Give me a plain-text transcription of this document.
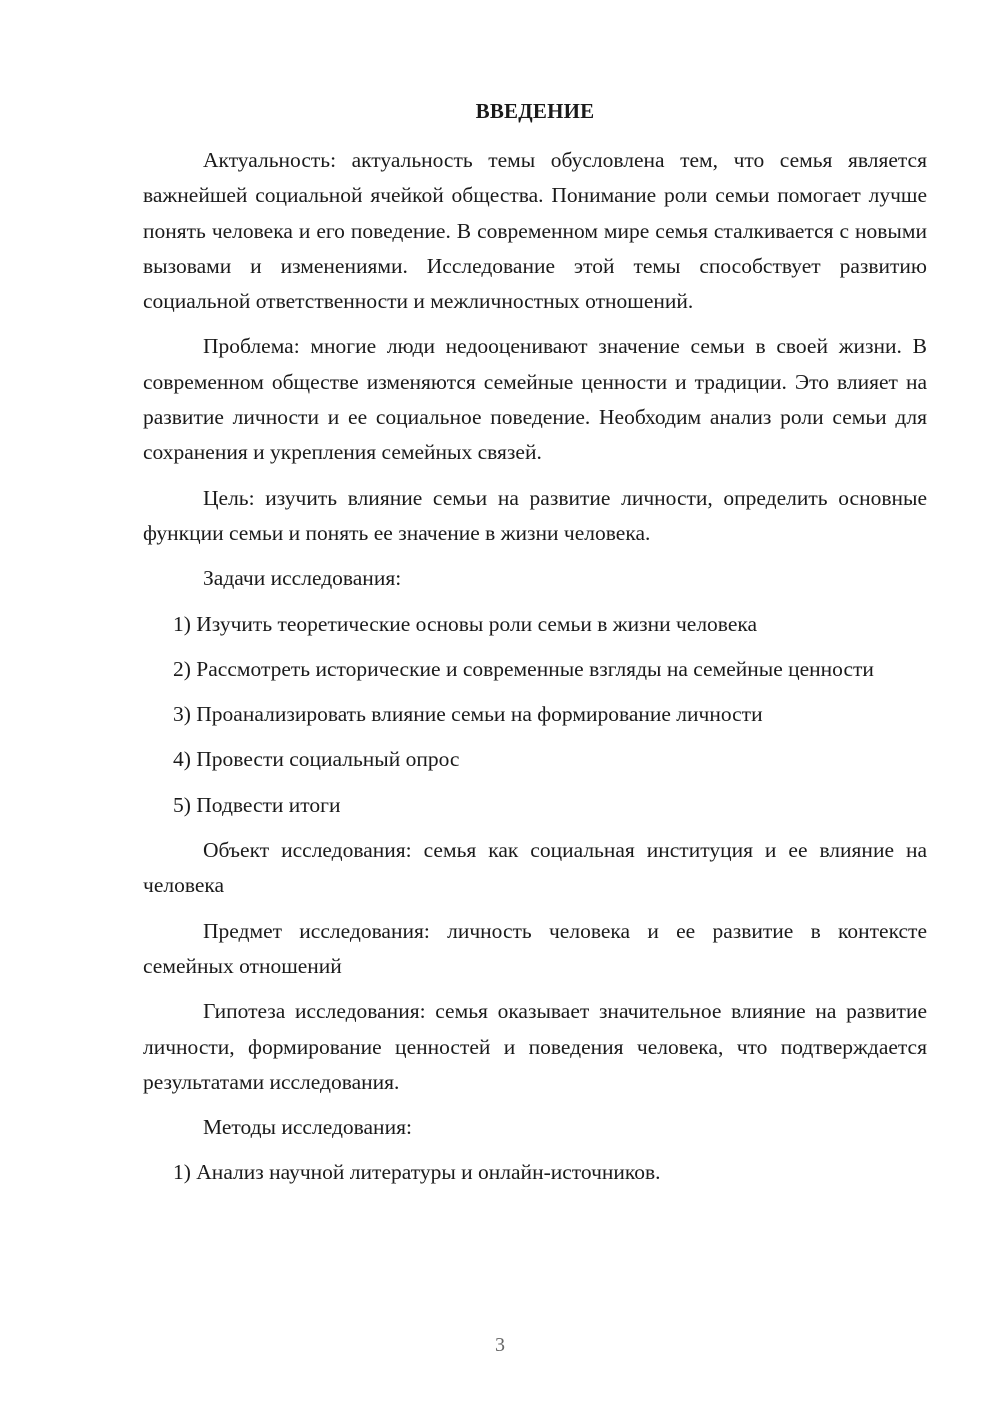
ВВЕДЕНИЕ

Актуальность: актуальность темы обусловлена тем, что семья является важнейшей социальной ячейкой общества. Понимание роли семьи помогает лучше понять человека и его поведение. В современном мире семья сталкивается с новыми вызовами и изменениями. Исследование этой темы способствует развитию социальной ответственности и межличностных отношений.

Проблема: многие люди недооценивают значение семьи в своей жизни. В современном обществе изменяются семейные ценности и традиции. Это влияет на развитие личности и ее социальное поведение. Необходим анализ роли семьи для сохранения и укрепления семейных связей.

Цель: изучить влияние семьи на развитие личности, определить основные функции семьи и понять ее значение в жизни человека.

Задачи исследования:

1) Изучить теоретические основы роли семьи в жизни человека

2) Рассмотреть исторические и современные взгляды на семейные ценности

3) Проанализировать влияние семьи на формирование личности

4) Провести социальный опрос

5) Подвести итоги

Объект исследования: семья как социальная институция и ее влияние на человека

Предмет исследования: личность человека и ее развитие в контексте семейных отношений

Гипотеза исследования: семья оказывает значительное влияние на развитие личности, формирование ценностей и поведения человека, что подтверждается результатами исследования.

Методы исследования:

1) Анализ научной литературы и онлайн-источников.

3
